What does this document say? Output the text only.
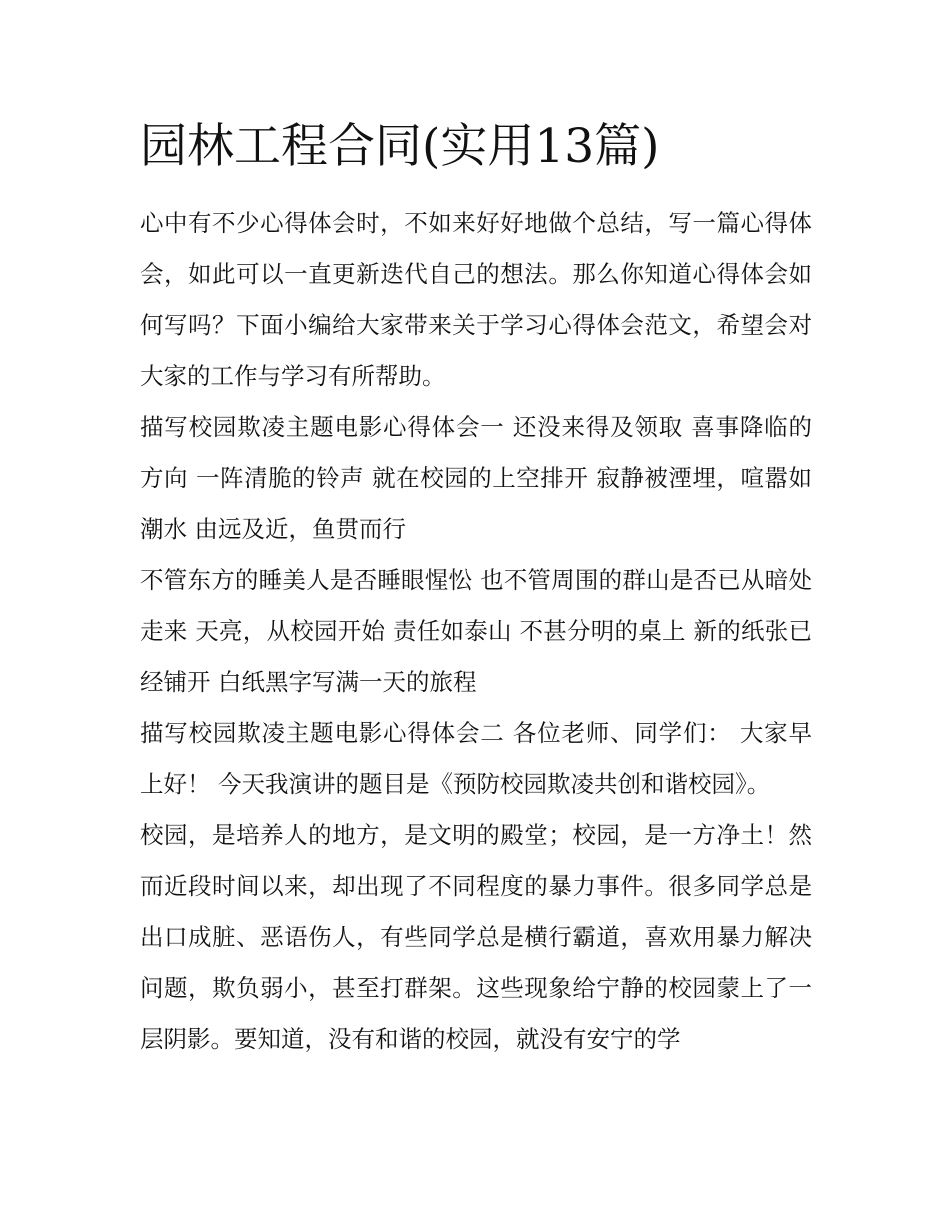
园林工程合同(实用13篇)

心中有不少心得体会时，不如来好好地做个总结，写一篇心得体会，如此可以一直更新迭代自己的想法。那么你知道心得体会如何写吗？下面小编给大家带来关于学习心得体会范文，希望会对大家的工作与学习有所帮助。

描写校园欺凌主题电影心得体会一 还没来得及领取 喜事降临的方向 一阵清脆的铃声 就在校园的上空排开 寂静被湮埋，喧嚣如潮水 由远及近，鱼贯而行

不管东方的睡美人是否睡眼惺忪 也不管周围的群山是否已从暗处走来 天亮，从校园开始 责任如泰山 不甚分明的桌上 新的纸张已经铺开 白纸黑字写满一天的旅程

描写校园欺凌主题电影心得体会二 各位老师、同学们： 大家早上好！ 今天我演讲的题目是《预防校园欺凌共创和谐校园》。

校园，是培养人的地方，是文明的殿堂；校园，是一方净土！然而近段时间以来，却出现了不同程度的暴力事件。很多同学总是出口成脏、恶语伤人，有些同学总是横行霸道，喜欢用暴力解决问题，欺负弱小，甚至打群架。这些现象给宁静的校园蒙上了一层阴影。要知道，没有和谐的校园，就没有安宁的学
